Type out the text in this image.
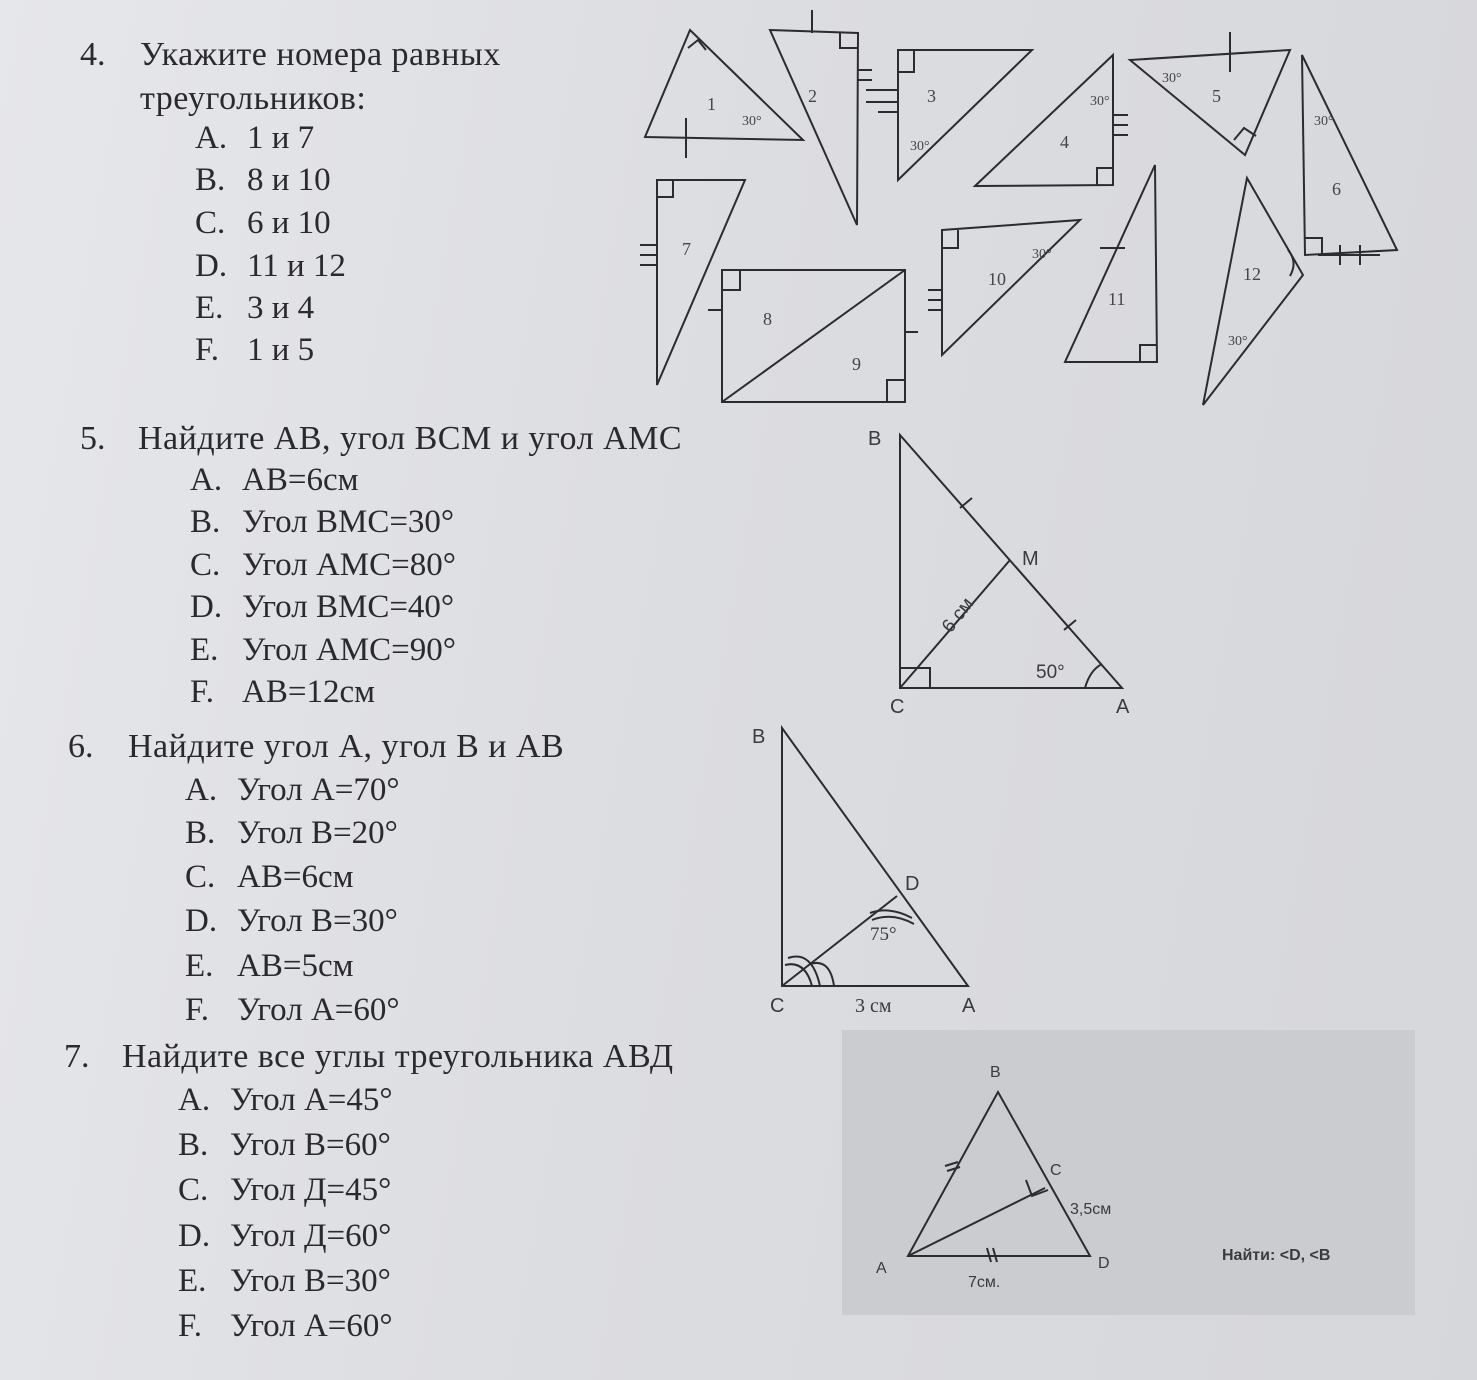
4. Укажите номера равных
треугольников:
A. 1 и 7
B. 8 и 10
C. 6 и 10
D. 11 и 12
E. 3 и 4
F. 1 и 5
5. Найдите AB, угол BCM и угол AMC
A. AB=6см
B. Угол BMC=30°
C. Угол AMC=80°
D. Угол BMC=40°
E. Угол AMC=90°
F. AB=12см
6. Найдите угол A, угол B и AB
A. Угол A=70°
B. Угол B=20°
C. AB=6см
D. Угол B=30°
E. AB=5см
F. Угол A=60°
7. Найдите все углы треугольника АВД
A. Угол А=45°
B. Угол В=60°
C. Угол Д=45°
D. Угол Д=60°
E. Угол В=30°
F. Угол А=60°
1
30°
2	3
30°	4
30°	5
30°
6
30°
7
8
9
10
30°
11
12
30°
B
M
C	A
6 см
50°
B
D
C	A
3 см
75°
B
C
A	D
3,5см
7см.
Найти: <D, <B
